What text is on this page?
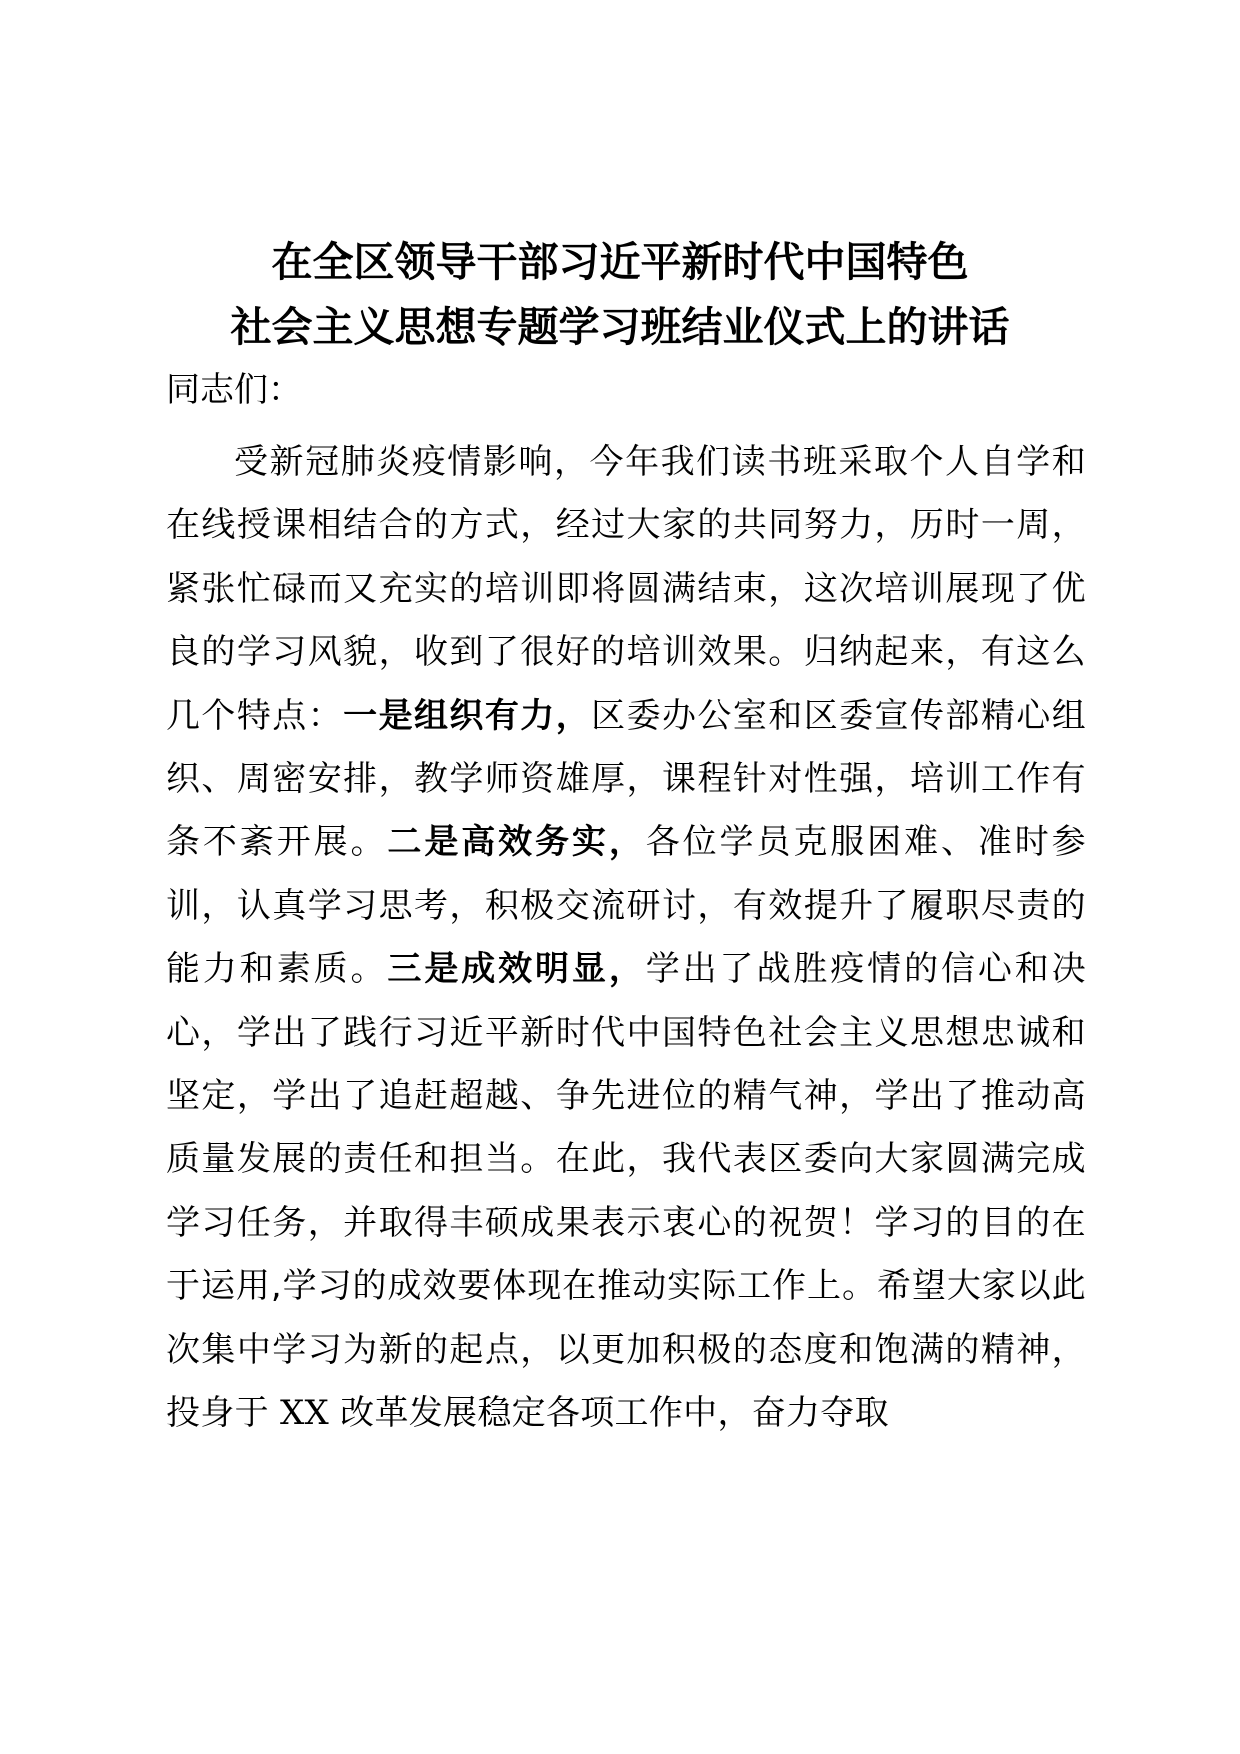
在全区领导干部习近平新时代中国特色
社会主义思想专题学习班结业仪式上的讲话
同志们：

受新冠肺炎疫情影响，今年我们读书班采取个人自学和在线授课相结合的方式，经过大家的共同努力，历时一周，紧张忙碌而又充实的培训即将圆满结束，这次培训展现了优良的学习风貌，收到了很好的培训效果。归纳起来，有这么几个特点：一是组织有力，区委办公室和区委宣传部精心组织、周密安排，教学师资雄厚，课程针对性强，培训工作有条不紊开展。二是高效务实，各位学员克服困难、准时参训，认真学习思考，积极交流研讨，有效提升了履职尽责的能力和素质。三是成效明显，学出了战胜疫情的信心和决心，学出了践行习近平新时代中国特色社会主义思想忠诚和坚定，学出了追赶超越、争先进位的精气神，学出了推动高质量发展的责任和担当。在此，我代表区委向大家圆满完成学习任务，并取得丰硕成果表示衷心的祝贺！学习的目的在于运用,学习的成效要体现在推动实际工作上。希望大家以此次集中学习为新的起点，以更加积极的态度和饱满的精神，投身于 XX 改革发展稳定各项工作中，奋力夺取
